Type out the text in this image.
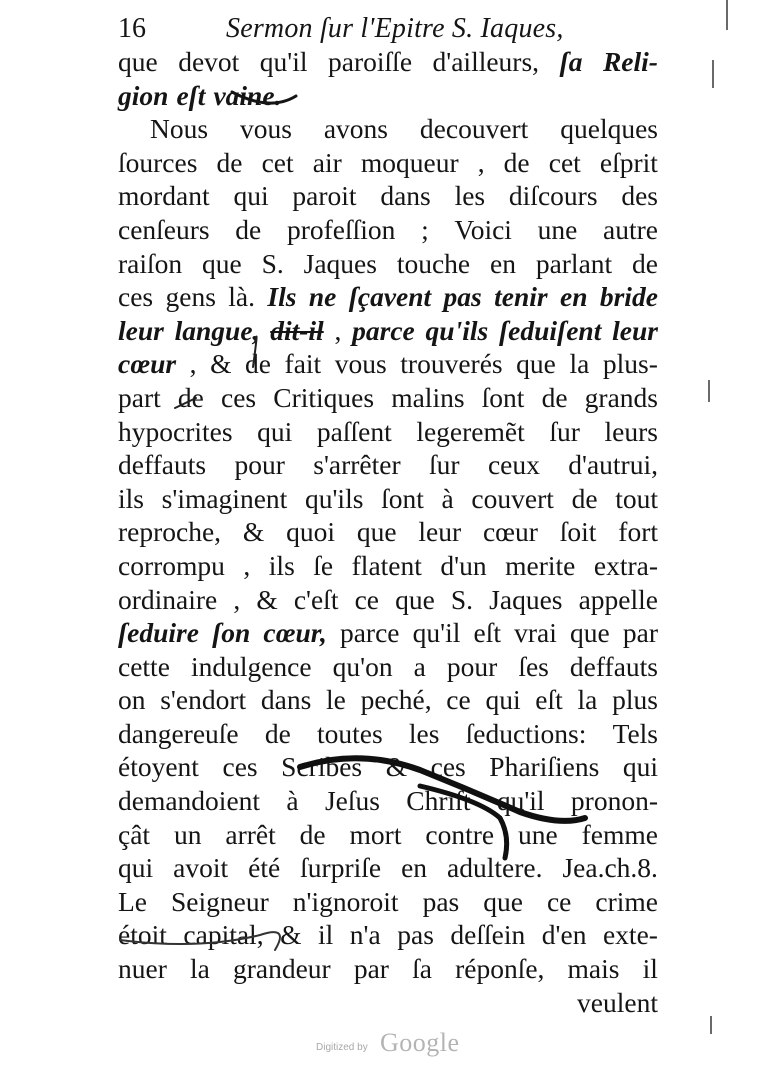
16	Sermon ſur l'Epitre S. Iaques,
que devot qu'il paroiſſe d'ailleurs, ſa Reli-
gion eſt vaine.
Nous vous avons decouvert quelques
ſources de cet air moqueur , de cet eſprit
mordant qui paroit dans les diſcours des
cenſeurs de profeſſion ; Voici une autre
raiſon que S. Jaques touche en parlant de
ces gens là. Ils ne ſçavent pas tenir en bride
leur langue, dit-il , parce qu'ils ſeduiſent leur
cœur , & de fait vous trouverés que la plus-
part de ces Critiques malins ſont de grands
hypocrites qui paſſent legeremẽt ſur leurs
deffauts pour s'arrêter ſur ceux d'autrui,
ils s'imaginent qu'ils ſont à couvert de tout
reproche, & quoi que leur cœur ſoit fort
corrompu , ils ſe flatent d'un merite extra-
ordinaire , & c'eſt ce que S. Jaques appelle
ſeduire ſon cœur, parce qu'il eſt vrai que par
cette indulgence qu'on a pour ſes deffauts
on s'endort dans le peché, ce qui eſt la plus
dangereuſe de toutes les ſeductions: Tels
étoyent ces Scribes & ces Phariſiens qui
demandoient à Jeſus Chriſt qu'il pronon-
çât un arrêt de mort contre une femme
qui avoit été ſurpriſe en adultere. Jea.ch.8.
Le Seigneur n'ignoroit pas que ce crime
étoit capital, & il n'a pas deſſein d'en exte-
nuer la grandeur par ſa réponſe, mais il
veulent
Digitized by Google
